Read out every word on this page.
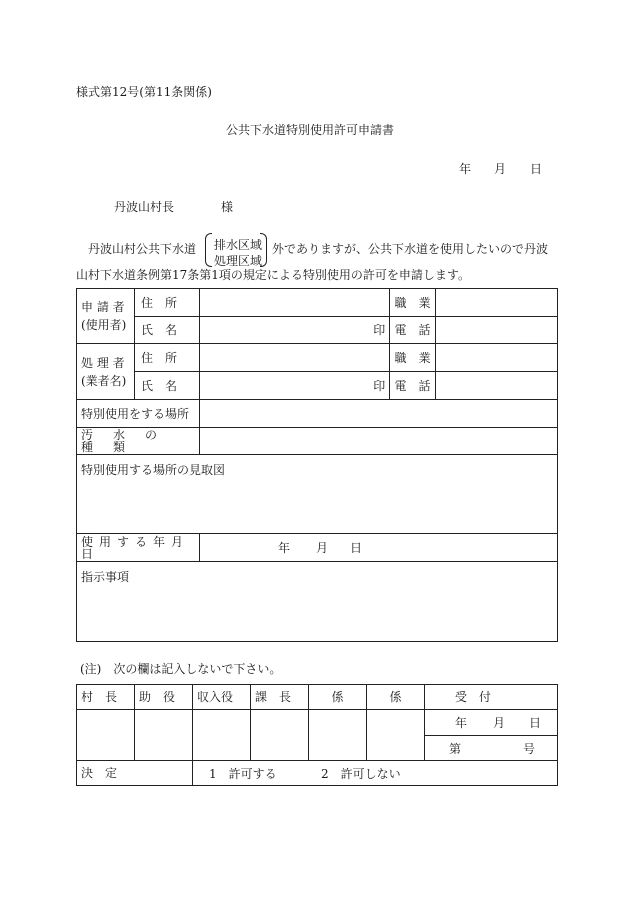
様式第12号(第11条関係)
公共下水道特別使用許可申請書
年 月 日
丹波山村長	様
丹波山村公共下水道 排水区域
処理区域
外でありますが、公共下水道を使用したいので丹波
山村下水道条例第17条第1項の規定による特別使用の許可を申請します。
申 請 者
(使用者)	住　所			職　業	
	氏　名		印	電　話	

処 理 者
(業者名)	住　所			職　業	
	氏　名		印	電　話	
特別使用をする場所					
汚水の種類					
特別使用する場所の見取図					
使用する年月日		年 月 日			

指示事項					
(注)　次の欄は記入しないで下さい。
村　長	助　役	収入役	課　長	係	係	受　付

						年 月 日

						第 号

決　定		1　許可する 2　許可しない				
